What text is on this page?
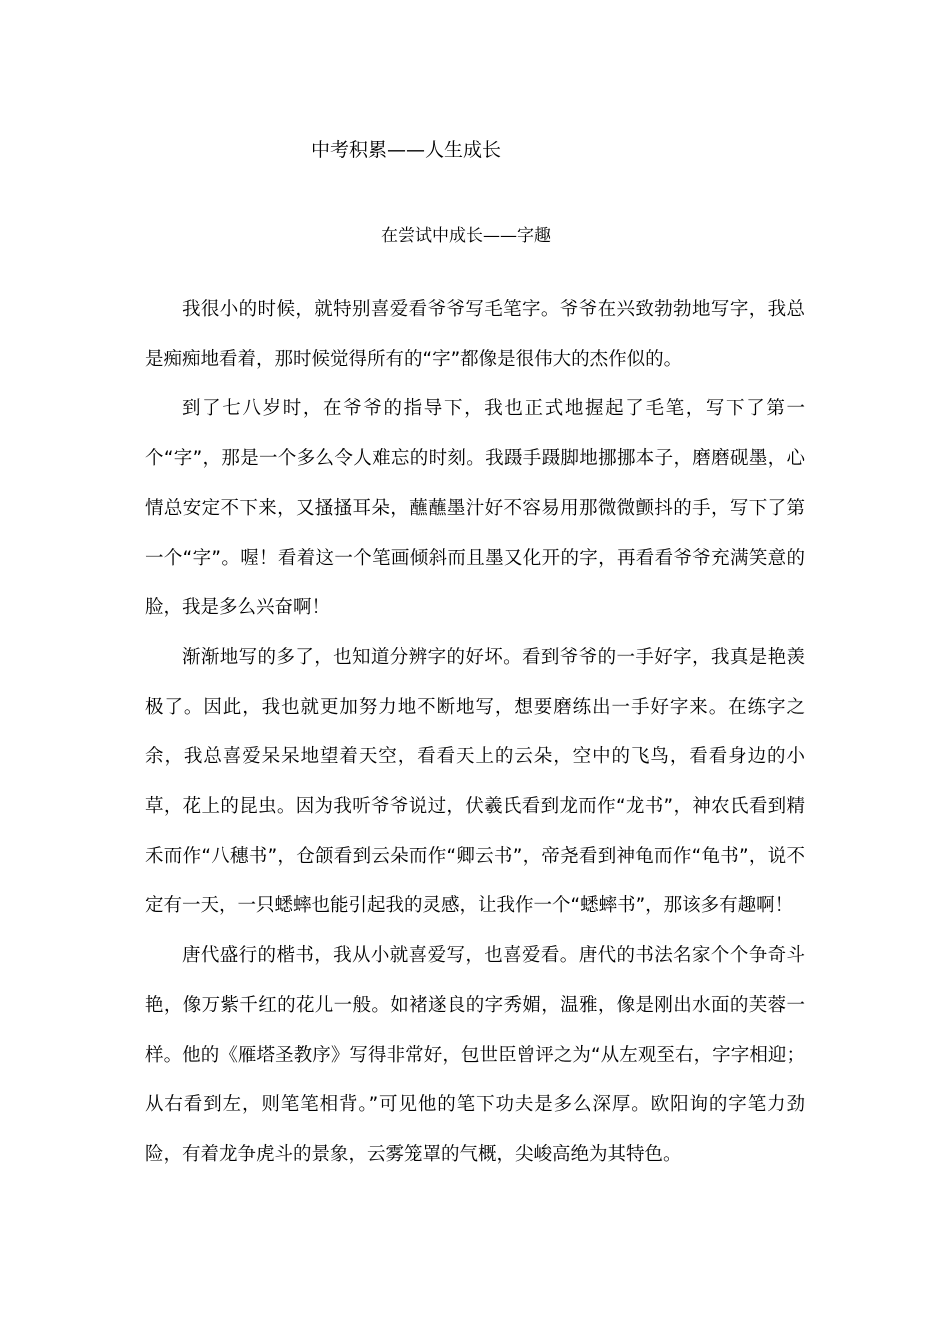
中考积累——人生成长
在尝试中成长——字趣

我很小的时候，就特别喜爱看爷爷写毛笔字。爷爷在兴致勃勃地写字，我总是痴痴地看着，那时候觉得所有的“字”都像是很伟大的杰作似的。

到了七八岁时，在爷爷的指导下，我也正式地握起了毛笔，写下了第一个“字”，那是一个多么令人难忘的时刻。我蹑手蹑脚地挪挪本子，磨磨砚墨，心情总安定不下来，又搔搔耳朵，蘸蘸墨汁好不容易用那微微颤抖的手，写下了第一个“字”。喔！看着这一个笔画倾斜而且墨又化开的字，再看看爷爷充满笑意的脸，我是多么兴奋啊！

渐渐地写的多了，也知道分辨字的好坏。看到爷爷的一手好字，我真是艳羡极了。因此，我也就更加努力地不断地写，想要磨练出一手好字来。在练字之余，我总喜爱呆呆地望着天空，看看天上的云朵，空中的飞鸟，看看身边的小草，花上的昆虫。因为我听爷爷说过，伏羲氏看到龙而作“龙书”，神农氏看到精禾而作“八穗书”，仓颌看到云朵而作“卿云书”，帝尧看到神龟而作“龟书”，说不定有一天，一只蟋蟀也能引起我的灵感，让我作一个“蟋蟀书”，那该多有趣啊！

唐代盛行的楷书，我从小就喜爱写，也喜爱看。唐代的书法名家个个争奇斗艳，像万紫千红的花儿一般。如褚遂良的字秀媚，温雅，像是刚出水面的芙蓉一样。他的《雁塔圣教序》写得非常好，包世臣曾评之为“从左观至右，字字相迎；从右看到左，则笔笔相背。”可见他的笔下功夫是多么深厚。欧阳询的字笔力劲险，有着龙争虎斗的景象，云雾笼罩的气概，尖峻高绝为其特色。
